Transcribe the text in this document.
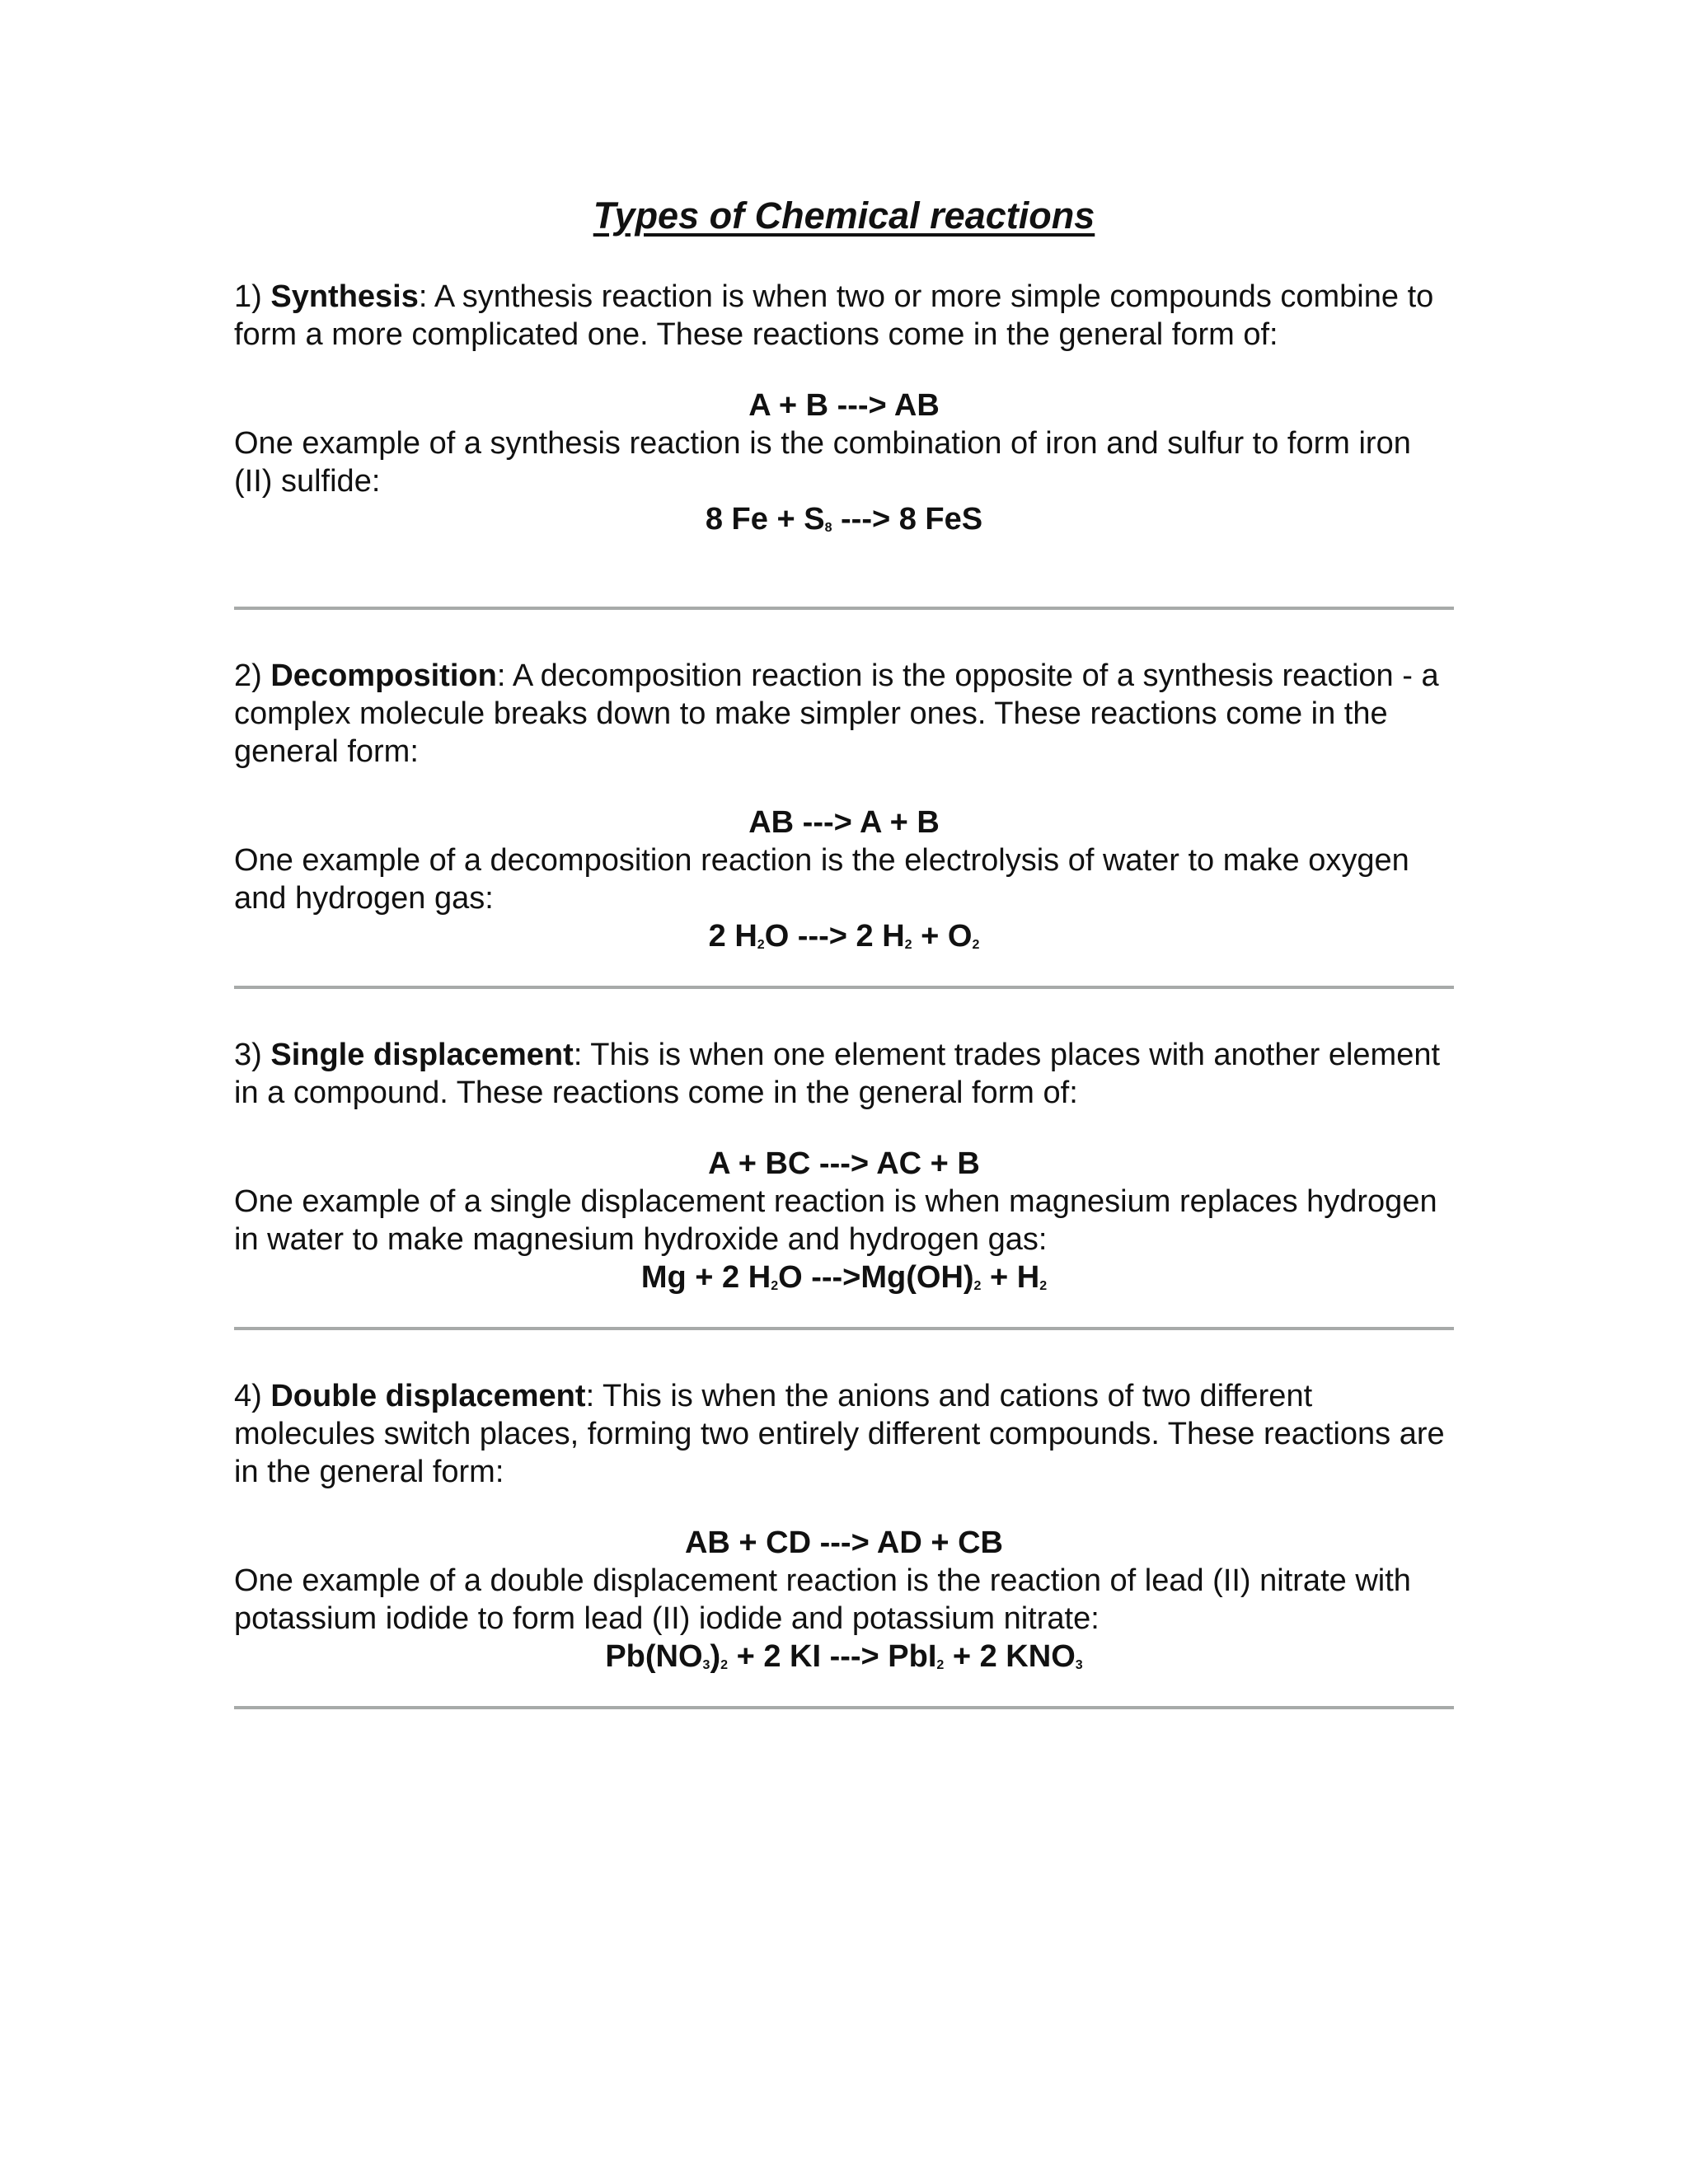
Types of Chemical reactions

1) Synthesis: A synthesis reaction is when two or more simple compounds combine to form a more complicated one. These reactions come in the general form of:

A + B ---> AB

One example of a synthesis reaction is the combination of iron and sulfur to form iron (II) sulfide:

8 $Fe + S_8$ ---> 8 FeS

2) Decomposition: A decomposition reaction is the opposite of a synthesis reaction - a complex molecule breaks down to make simpler ones. These reactions come in the general form:

AB ---> A + B

One example of a decomposition reaction is the electrolysis of water to make oxygen and hydrogen gas:

2 $H_2O$ ---> 2 $H_2 + O_2$

3) Single displacement: This is when one element trades places with another element in a compound. These reactions come in the general form of:

A + BC ---> AC + B

One example of a single displacement reaction is when magnesium replaces hydrogen in water to make magnesium hydroxide and hydrogen gas:

Mg + 2 $H_2O$ $--->Mg(OH)_2 + H_2$

4) Double displacement: This is when the anions and cations of two different molecules switch places, forming two entirely different compounds. These reactions are in the general form:

AB + CD ---> AD + CB

One example of a double displacement reaction is the reaction of lead (II) nitrate with potassium iodide to form lead (II) iodide and potassium nitrate:

$Pb(NO_3)_2 + 2$ KI ---> PbI$_2$ + 2 $KNO_3$
